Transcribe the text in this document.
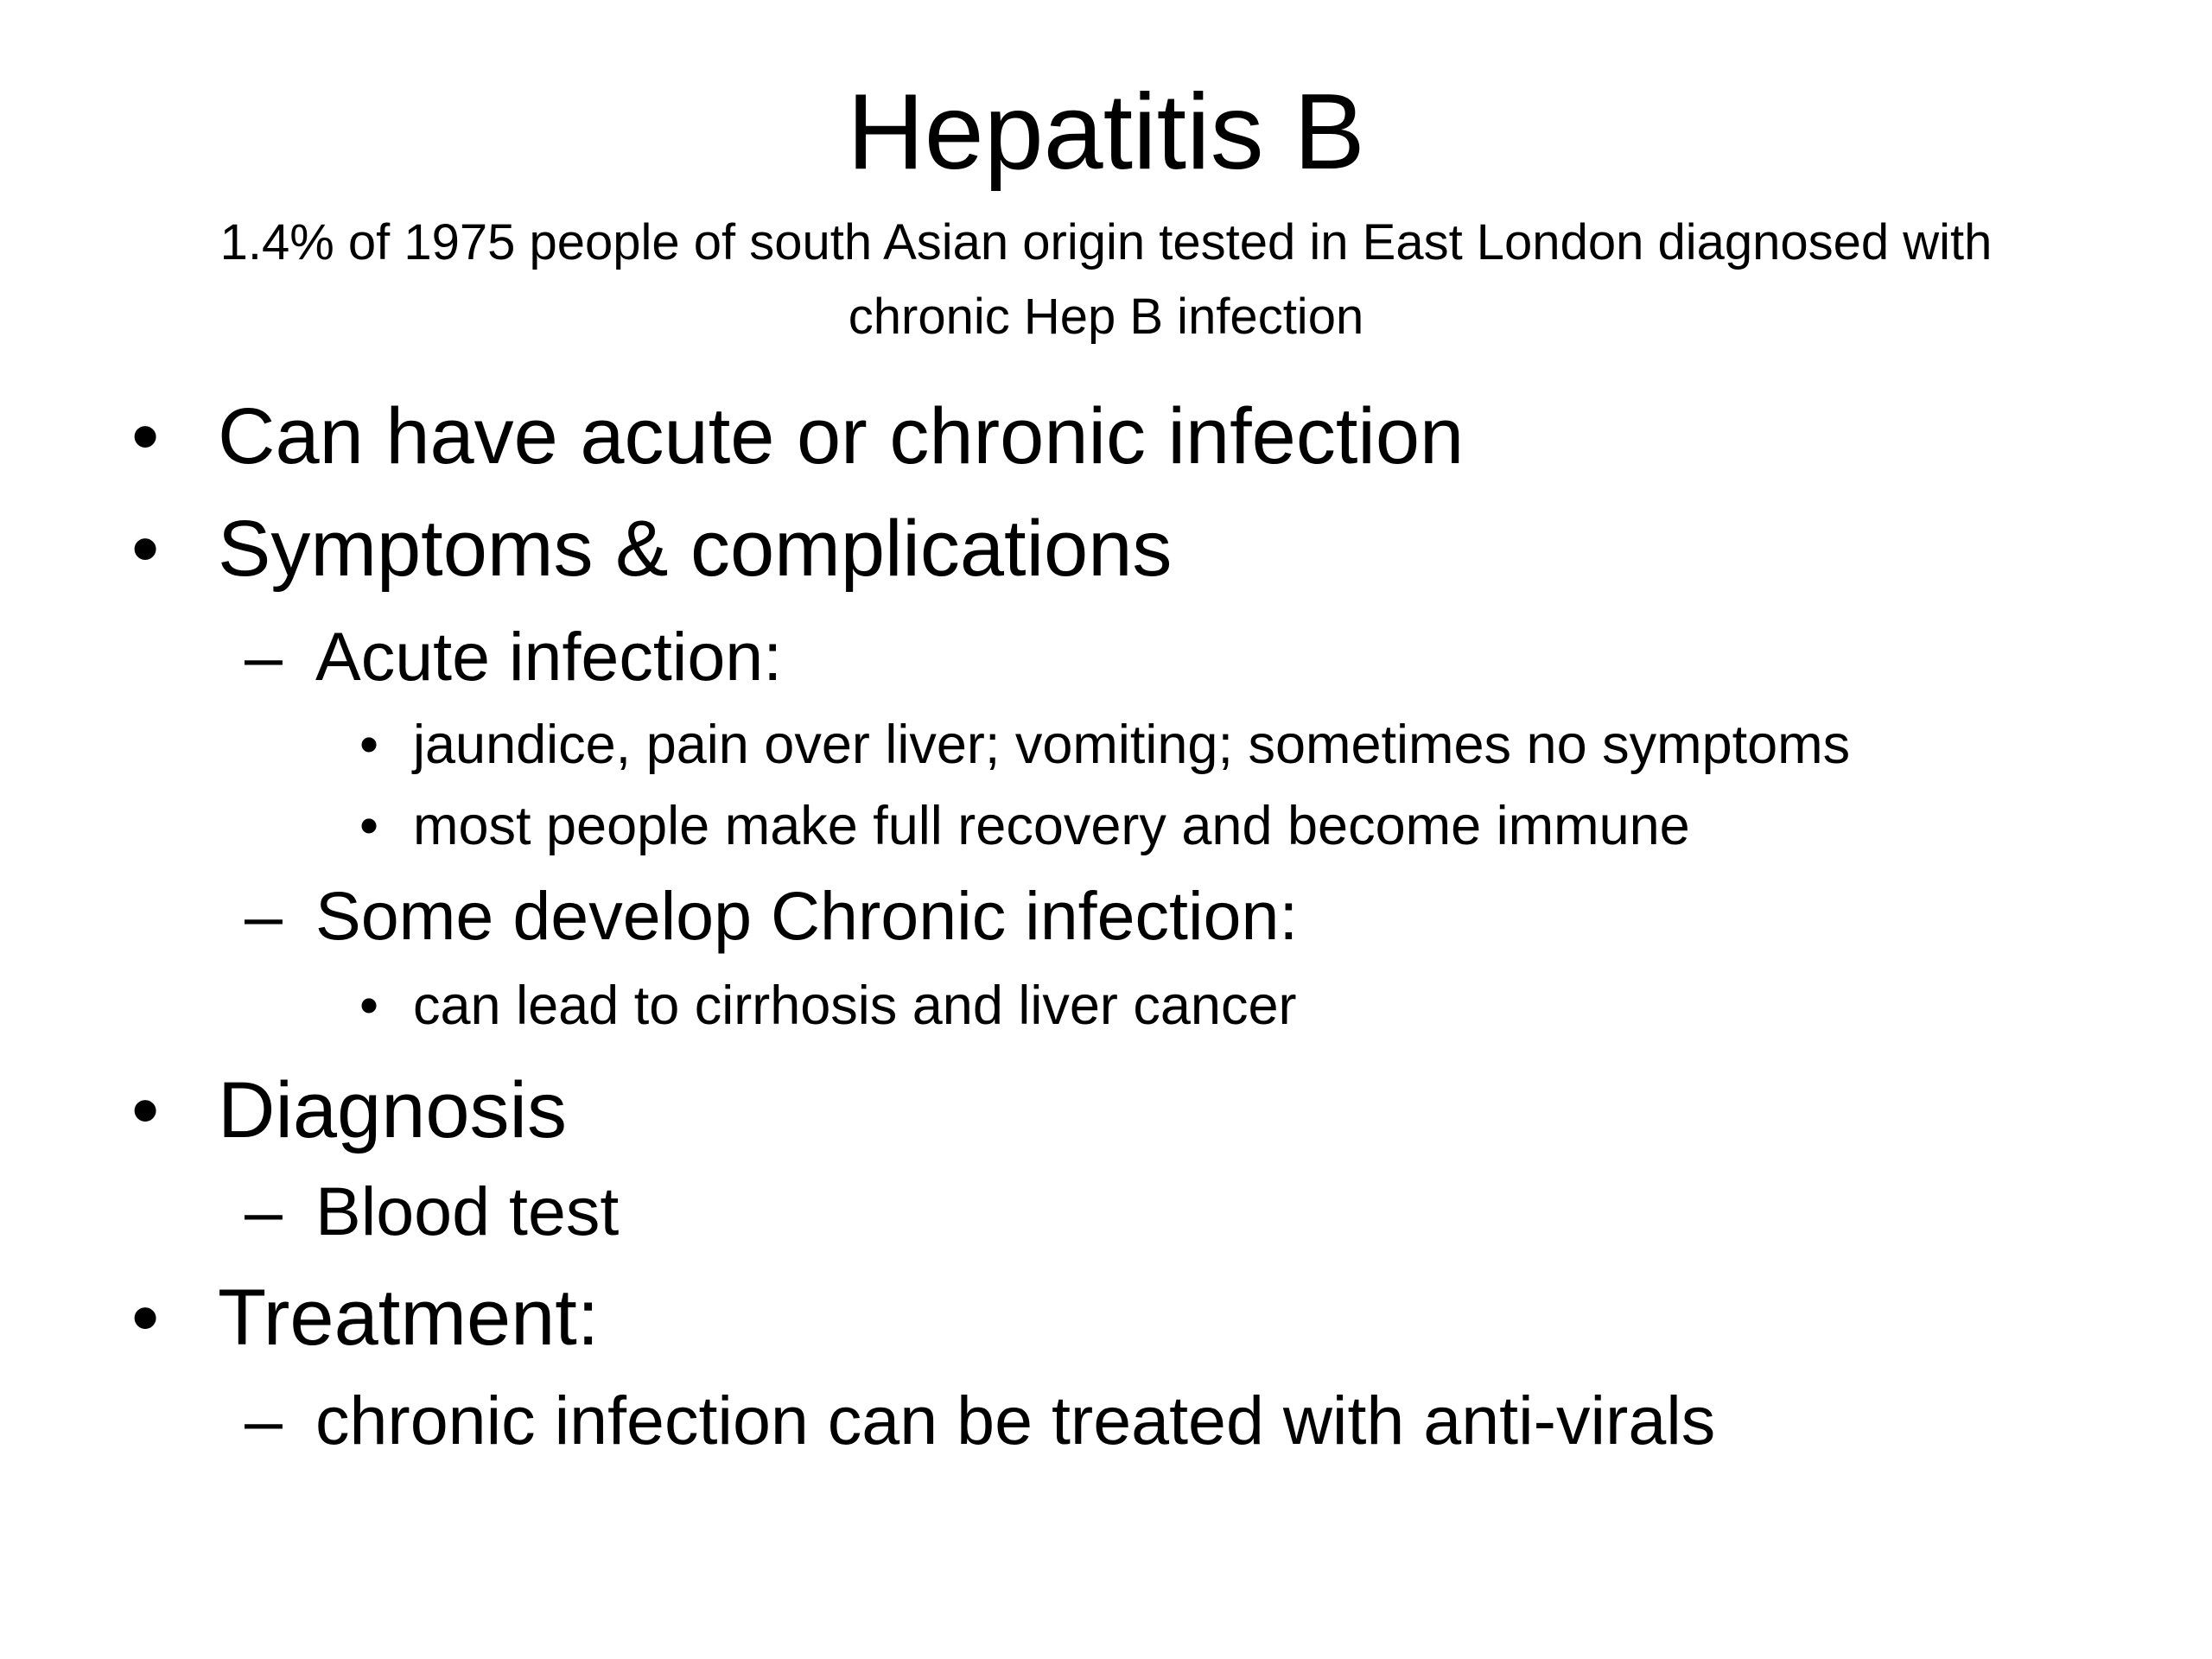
Hepatitis B
1.4% of 1975 people of south Asian origin tested in East London diagnosed with chronic Hep B infection
• Can have acute or chronic infection
• Symptoms & complications
– Acute infection:
• jaundice, pain over liver; vomiting; sometimes no symptoms
• most people make full recovery and become immune
– Some develop Chronic infection:
• can lead to cirrhosis and liver cancer
• Diagnosis
– Blood test
• Treatment:
– chronic infection can be treated with anti-virals
